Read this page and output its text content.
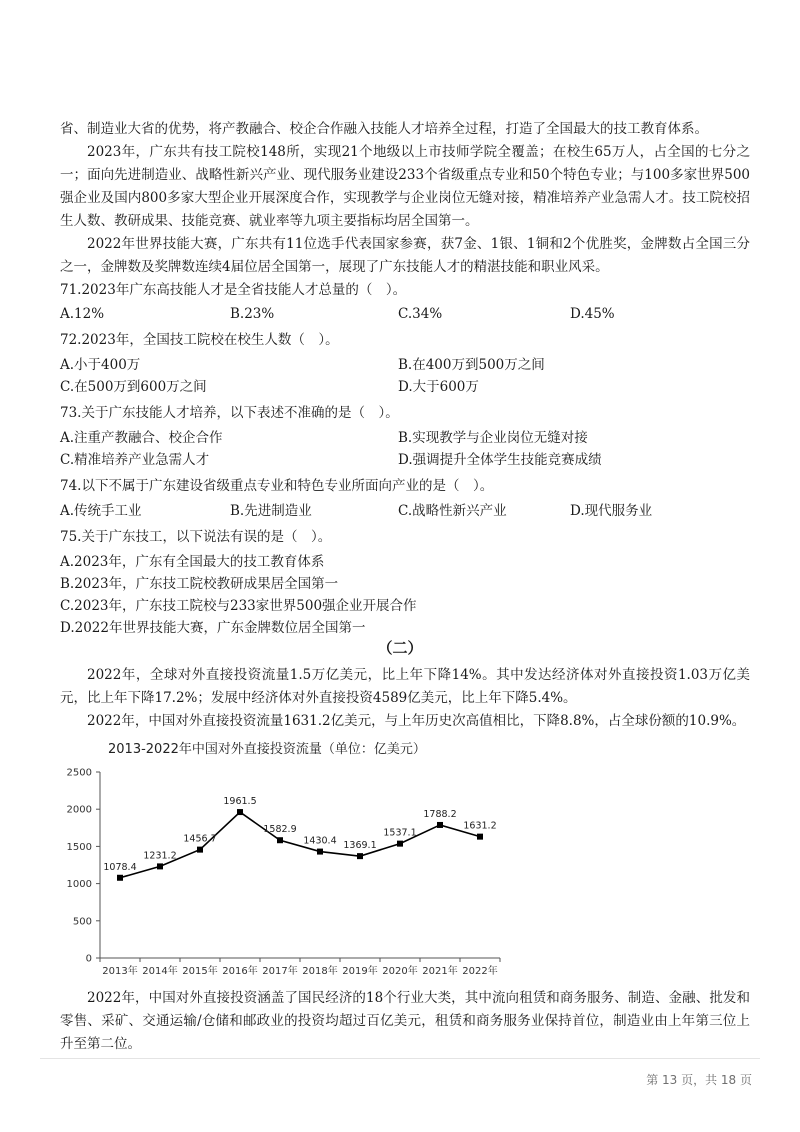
省、制造业大省的优势，将产教融合、校企合作融入技能人才培养全过程，打造了全国最大的技工教育体系。
2023年，广东共有技工院校148所，实现21个地级以上市技师学院全覆盖；在校生65万人，占全国的七分之一；面向先进制造业、战略性新兴产业、现代服务业建设233个省级重点专业和50个特色专业；与100多家世界500强企业及国内800多家大型企业开展深度合作，实现教学与企业岗位无缝对接，精准培养产业急需人才。技工院校招生人数、教研成果、技能竞赛、就业率等九项主要指标均居全国第一。
2022年世界技能大赛，广东共有11位选手代表国家参赛，获7金、1银、1铜和2个优胜奖，金牌数占全国三分之一，金牌数及奖牌数连续4届位居全国第一，展现了广东技能人才的精湛技能和职业风采。
71.2023年广东高技能人才是全省技能人才总量的（　）。
A.12%	B.23%	C.34%	D.45%
72.2023年，全国技工院校在校生人数（　）。
A.小于400万	B.在400万到500万之间
C.在500万到600万之间	D.大于600万
73.关于广东技能人才培养，以下表述不准确的是（　）。
A.注重产教融合、校企合作	B.实现教学与企业岗位无缝对接
C.精准培养产业急需人才	D.强调提升全体学生技能竞赛成绩
74.以下不属于广东建设省级重点专业和特色专业所面向产业的是（　）。
A.传统手工业	B.先进制造业	C.战略性新兴产业	D.现代服务业
75.关于广东技工，以下说法有误的是（　）。
A.2023年，广东有全国最大的技工教育体系
B.2023年，广东技工院校教研成果居全国第一
C.2023年，广东技工院校与233家世界500强企业开展合作
D.2022年世界技能大赛，广东金牌数位居全国第一
（二）
2022年，全球对外直接投资流量1.5万亿美元，比上年下降14%。其中发达经济体对外直接投资1.03万亿美元，比上年下降17.2%；发展中经济体对外直接投资4589亿美元，比上年下降5.4%。
2022年，中国对外直接投资流量1631.2亿美元，与上年历史次高值相比，下降8.8%，占全球份额的10.9%。
2013-2022年中国对外直接投资流量（单位：亿美元）
0
500
1000
1500
2000
2500
2013年 2014年 2015年 2016年 2017年 2018年 2019年 2020年 2021年 2022年
1078.4
1231.2
1456.7
1961.5
1582.9
1430.4 1369.1
1537.1
1788.2
1631.2
2022年，中国对外直接投资涵盖了国民经济的18个行业大类，其中流向租赁和商务服务、制造、金融、批发和零售、采矿、交通运输/仓储和邮政业的投资均超过百亿美元，租赁和商务服务业保持首位，制造业由上年第三位上升至第二位。
第 13 页，共 18 页
